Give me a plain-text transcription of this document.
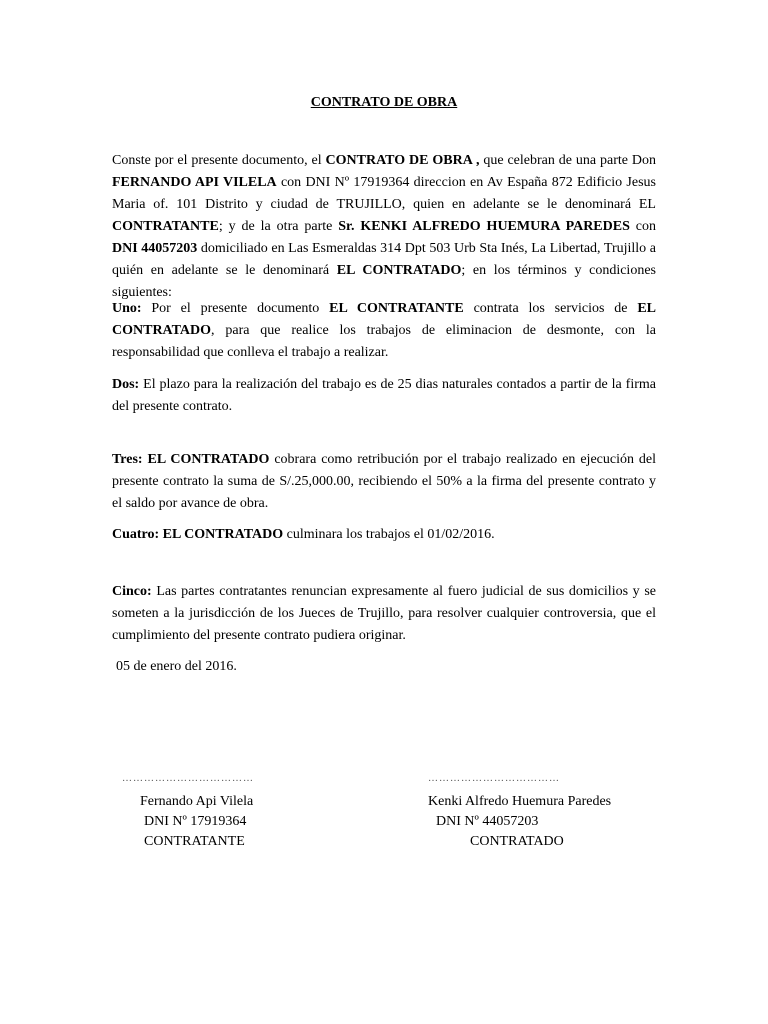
CONTRATO DE OBRA

Conste por el presente documento, el CONTRATO DE OBRA , que celebran de una parte Don FERNANDO API VILELA con DNI Nº 17919364 direccion en Av España 872 Edificio Jesus Maria of. 101 Distrito y ciudad de TRUJILLO, quien en adelante se le denominará EL CONTRATANTE; y de la otra parte Sr. KENKI ALFREDO HUEMURA PAREDES con DNI 44057203 domiciliado en Las Esmeraldas 314 Dpt 503 Urb Sta Inés, La Libertad, Trujillo a quién en adelante se le denominará EL CONTRATADO; en los términos y condiciones siguientes:

Uno: Por el presente documento EL CONTRATANTE contrata los servicios de EL CONTRATADO, para que realice los trabajos de eliminacion de desmonte, con la responsabilidad que conlleva el trabajo a realizar.

Dos: El plazo para la realización del trabajo es de 25 dias naturales contados a partir de la firma del presente contrato.

Tres: EL CONTRATADO cobrara como retribución por el trabajo realizado en ejecución del presente contrato la suma de S/.25,000.00, recibiendo el 50% a la firma del presente contrato y el saldo por avance de obra.

Cuatro: EL CONTRATADO culminara los trabajos el 01/02/2016.

Cinco: Las partes contratantes renuncian expresamente al fuero judicial de sus domicilios y se someten a la jurisdicción de los Jueces de Trujillo, para resolver cualquier controversia, que el cumplimiento del presente contrato pudiera originar.

05 de enero del 2016.
………………………………
Fernando Api Vilela
DNI Nº 17919364
CONTRATANTE
………………………………
Kenki Alfredo Huemura Paredes
DNI Nº 44057203
CONTRATADO
